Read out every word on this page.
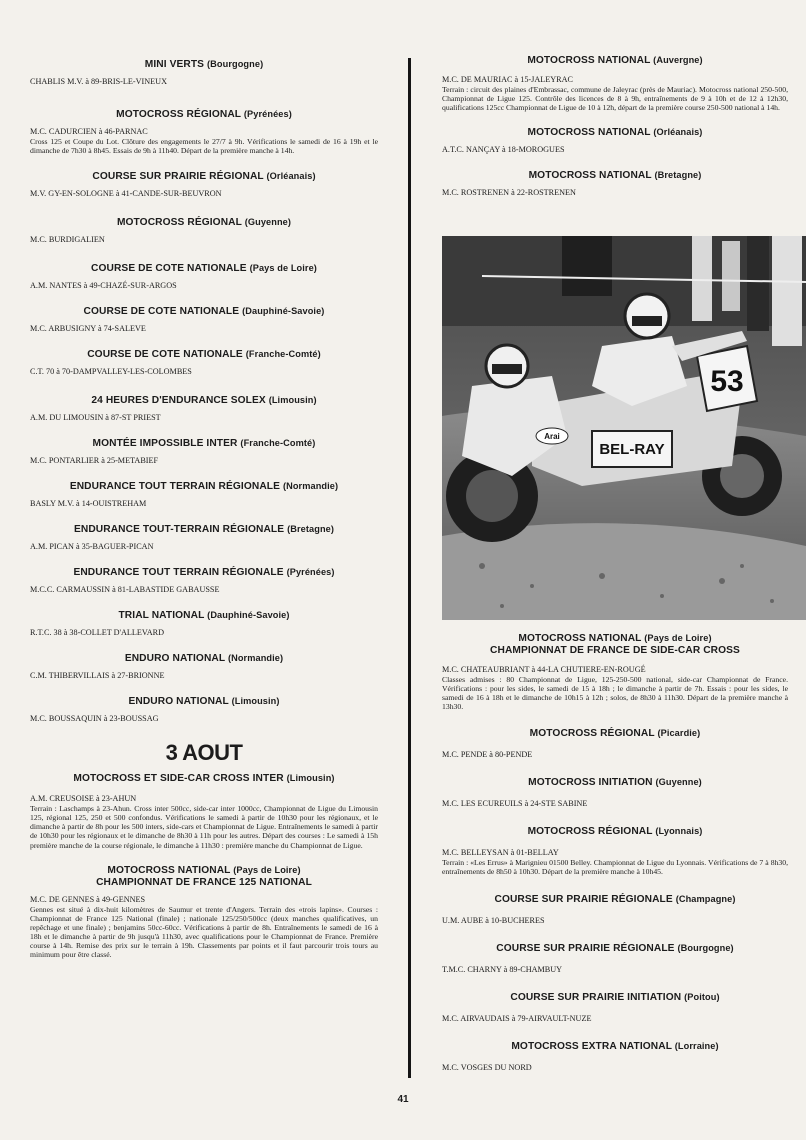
MINI VERTS (Bourgogne)
CHABLIS M.V. à 89-BRIS-LE-VINEUX
MOTOCROSS RÉGIONAL (Pyrénées)
M.C. CADURCIEN à 46-PARNAC
Cross 125 et Coupe du Lot. Clôture des engagements le 27/7 à 9h. Vérifications le samedi de 16 à 19h et le dimanche de 7h30 à 8h45. Essais de 9h à 11h40. Départ de la première manche à 14h.
COURSE SUR PRAIRIE RÉGIONAL (Orléanais)
M.V. GY-EN-SOLOGNE à 41-CANDE-SUR-BEUVRON
MOTOCROSS RÉGIONAL (Guyenne)
M.C. BURDIGALIEN
COURSE DE COTE NATIONALE (Pays de Loire)
A.M. NANTES à 49-CHAZÉ-SUR-ARGOS
COURSE DE COTE NATIONALE (Dauphiné-Savoie)
M.C. ARBUSIGNY à 74-SALEVE
COURSE DE COTE NATIONALE (Franche-Comté)
C.T. 70 à 70-DAMPVALLEY-LES-COLOMBES
24 HEURES D'ENDURANCE SOLEX (Limousin)
A.M. DU LIMOUSIN à 87-ST PRIEST
MONTÉE IMPOSSIBLE INTER (Franche-Comté)
M.C. PONTARLIER à 25-METABIEF
ENDURANCE TOUT TERRAIN RÉGIONALE (Normandie)
BASLY M.V. à 14-OUISTREHAM
ENDURANCE TOUT-TERRAIN RÉGIONALE (Bretagne)
A.M. PICAN à 35-BAGUER-PICAN
ENDURANCE TOUT TERRAIN RÉGIONALE (Pyrénées)
M.C.C. CARMAUSSIN à 81-LABASTIDE GABAUSSE
TRIAL NATIONAL (Dauphiné-Savoie)
R.T.C. 38 à 38-COLLET D'ALLEVARD
ENDURO NATIONAL (Normandie)
C.M. THIBERVILLAIS à 27-BRIONNE
ENDURO NATIONAL (Limousin)
M.C. BOUSSAQUIN à 23-BOUSSAG
3 AOUT
MOTOCROSS ET SIDE-CAR CROSS INTER (Limousin)
A.M. CREUSOISE à 23-AHUN
Terrain : Laschamps à 23-Ahun. Cross inter 500cc, side-car inter 1000cc, Championnat de Ligue du Limousin 125, régional 125, 250 et 500 confondus. Vérifications le samedi à partir de 10h30 pour les régionaux, et le dimanche à partir de 8h pour les 500 inters, side-cars et Championnat de Ligue. Entraînements le samedi à partir de 10h30 pour les régionaux et le dimanche de 8h30 à 11h pour les autres. Départ des courses : Le samedi à 15h première manche de la course régionale, le dimanche à 11h30 : première manche du Championnat de Ligue.
MOTOCROSS NATIONAL (Pays de Loire)
CHAMPIONNAT DE FRANCE 125 NATIONAL
M.C. DE GENNES à 49-GENNES
Gennes est situé à dix-huit kilomètres de Saumur et trente d'Angers. Terrain des «trois lapins». Courses : Championnat de France 125 National (finale) ; nationale 125/250/500cc (deux manches qualificatives, un repêchage et une finale) ; benjamins 50cc-60cc. Vérifications à partir de 8h. Entraînements le samedi de 16 à 18h et le dimanche à partir de 9h jusqu'à 11h30, avec qualifications pour le Championnat de France. Première course à 14h. Remise des prix sur le terrain à 19h. Classements par points et il faut parcourir trois tours au minimum pour être classé.
MOTOCROSS NATIONAL (Auvergne)
M.C. DE MAURIAC à 15-JALEYRAC
Terrain : circuit des plaines d'Embrassac, commune de Jaleyrac (près de Mauriac). Motocross national 250-500, Championnat de Ligue 125. Contrôle des licences de 8 à 9h, entraînements de 9 à 10h et de 12 à 12h30, qualifications 125cc Championnat de Ligue de 10 à 12h, départ de la première course 250-500 national à 14h.
MOTOCROSS NATIONAL (Orléanais)
A.T.C. NANÇAY à 18-MOROGUES
MOTOCROSS NATIONAL (Bretagne)
M.C. ROSTRENEN à 22-ROSTRENEN
BEL-RAY
53
Arai
MOTOCROSS NATIONAL (Pays de Loire)
CHAMPIONNAT DE FRANCE DE SIDE-CAR CROSS
M.C. CHATEAUBRIANT à 44-LA CHUTIERE-EN-ROUGÉ
Classes admises : 80 Championnat de Ligue, 125-250-500 national, side-car Championnat de France. Vérifications : pour les sides, le samedi de 15 à 18h ; le dimanche à partir de 7h. Essais : pour les sides, le samedi de 16 à 18h et le dimanche de 10h15 à 12h ; solos, de 8h30 à 11h30. Départ de la première manche à 13h30.
MOTOCROSS RÉGIONAL (Picardie)
M.C. PENDE à 80-PENDE
MOTOCROSS INITIATION (Guyenne)
M.C. LES ECUREUILS à 24-STE SABINE
MOTOCROSS RÉGIONAL (Lyonnais)
M.C. BELLEYSAN à 01-BELLAY
Terrain : «Les Errus» à Marignieu 01500 Belley. Championnat de Ligue du Lyonnais. Vérifications de 7 à 8h30, entraînements de 8h50 à 10h30. Départ de la première manche à 10h45.
COURSE SUR PRAIRIE RÉGIONALE (Champagne)
U.M. AUBE à 10-BUCHERES
COURSE SUR PRAIRIE RÉGIONALE (Bourgogne)
T.M.C. CHARNY à 89-CHAMBUY
COURSE SUR PRAIRIE INITIATION (Poitou)
M.C. AIRVAUDAIS à 79-AIRVAULT-NUZE
MOTOCROSS EXTRA NATIONAL (Lorraine)
M.C. VOSGES DU NORD
41
